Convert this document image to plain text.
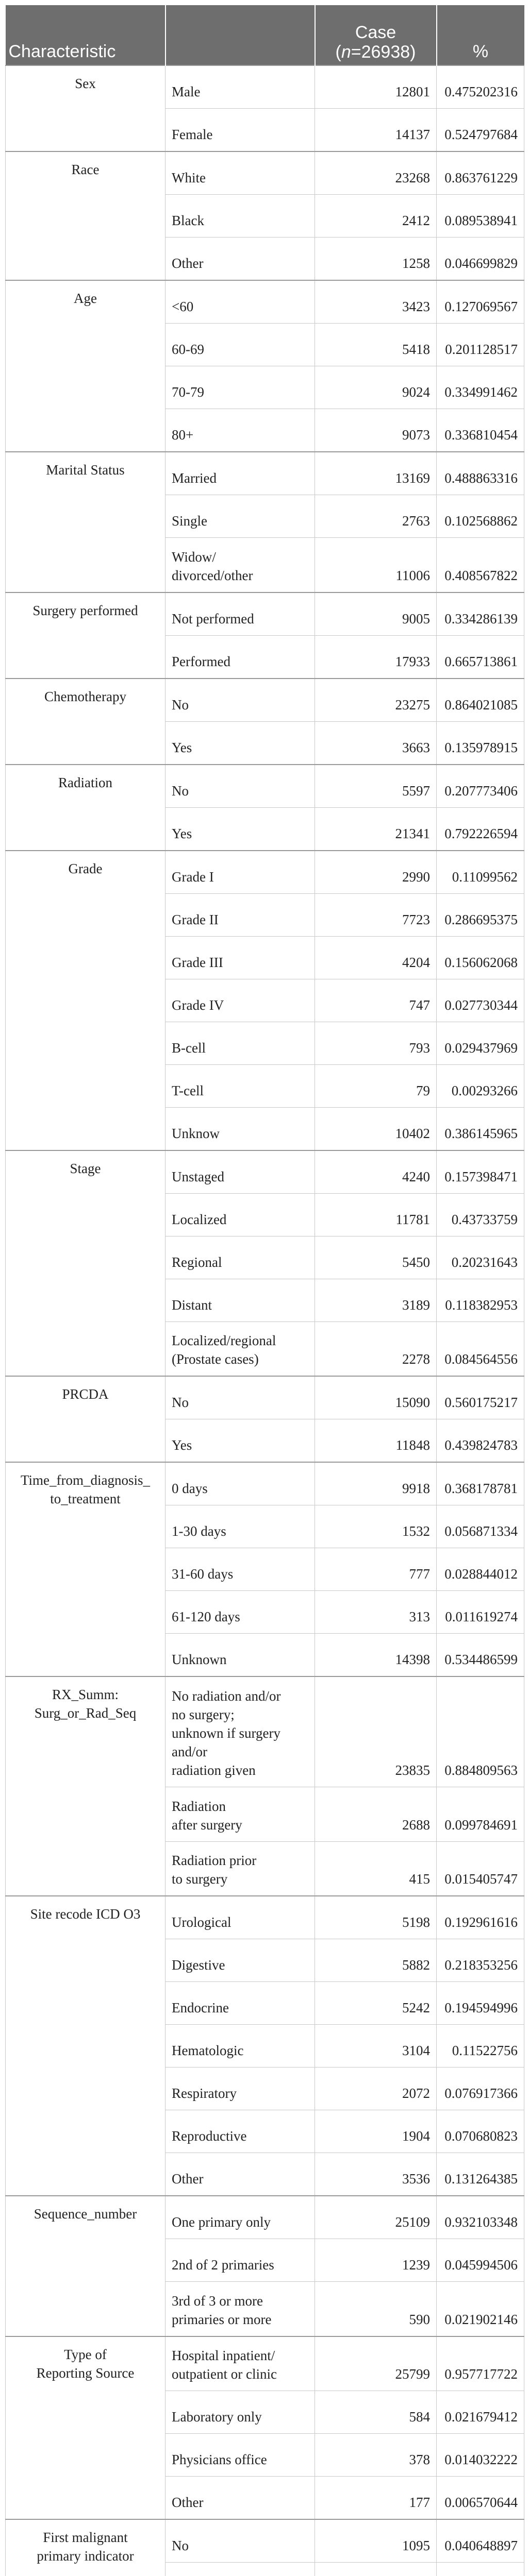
Characteristic		Case
(n=26938)	%
Sex	Male	12801	0.475202316
	Female	14137	0.524797684
Race	White	23268	0.863761229
	Black	2412	0.089538941
	Other	1258	0.046699829
Age	<60	3423	0.127069567
	60-69	5418	0.201128517
	70-79	9024	0.334991462
	80+	9073	0.336810454
Marital Status	Married	13169	0.488863316
	Single	2763	0.102568862
	Widow/
divorced/other	11006	0.408567822
Surgery performed	Not performed	9005	0.334286139
	Performed	17933	0.665713861
Chemotherapy	No	23275	0.864021085
	Yes	3663	0.135978915
Radiation	No	5597	0.207773406
	Yes	21341	0.792226594
Grade	Grade I	2990	0.11099562
	Grade II	7723	0.286695375
	Grade III	4204	0.156062068
	Grade IV	747	0.027730344
	B-cell	793	0.029437969
	T-cell	79	0.00293266
	Unknow	10402	0.386145965
Stage	Unstaged	4240	0.157398471
	Localized	11781	0.43733759
	Regional	5450	0.20231643
	Distant	3189	0.118382953
	Localized/regional
(Prostate cases)	2278	0.084564556
PRCDA	No	15090	0.560175217
	Yes	11848	0.439824783
Time_from_diagnosis_
to_treatment	0 days	9918	0.368178781
	1-30 days	1532	0.056871334
	31-60 days	777	0.028844012
	61-120 days	313	0.011619274
	Unknown	14398	0.534486599
RX_Summ:
Surg_or_Rad_Seq	No radiation and/or
no surgery;
unknown if surgery
and/or
radiation given	23835	0.884809563
	Radiation
after surgery	2688	0.099784691
	Radiation prior
to surgery	415	0.015405747
Site recode ICD O3	Urological	5198	0.192961616
	Digestive	5882	0.218353256
	Endocrine	5242	0.194594996
	Hematologic	3104	0.11522756
	Respiratory	2072	0.076917366
	Reproductive	1904	0.070680823
	Other	3536	0.131264385
Sequence_number	One primary only	25109	0.932103348
	2nd of 2 primaries	1239	0.045994506
	3rd of 3 or more
primaries or more	590	0.021902146
Type of
Reporting Source	Hospital inpatient/
outpatient or clinic	25799	0.957717722
	Laboratory only	584	0.021679412
	Physicians office	378	0.014032222
	Other	177	0.006570644
First malignant
primary indicator	No	1095	0.040648897
